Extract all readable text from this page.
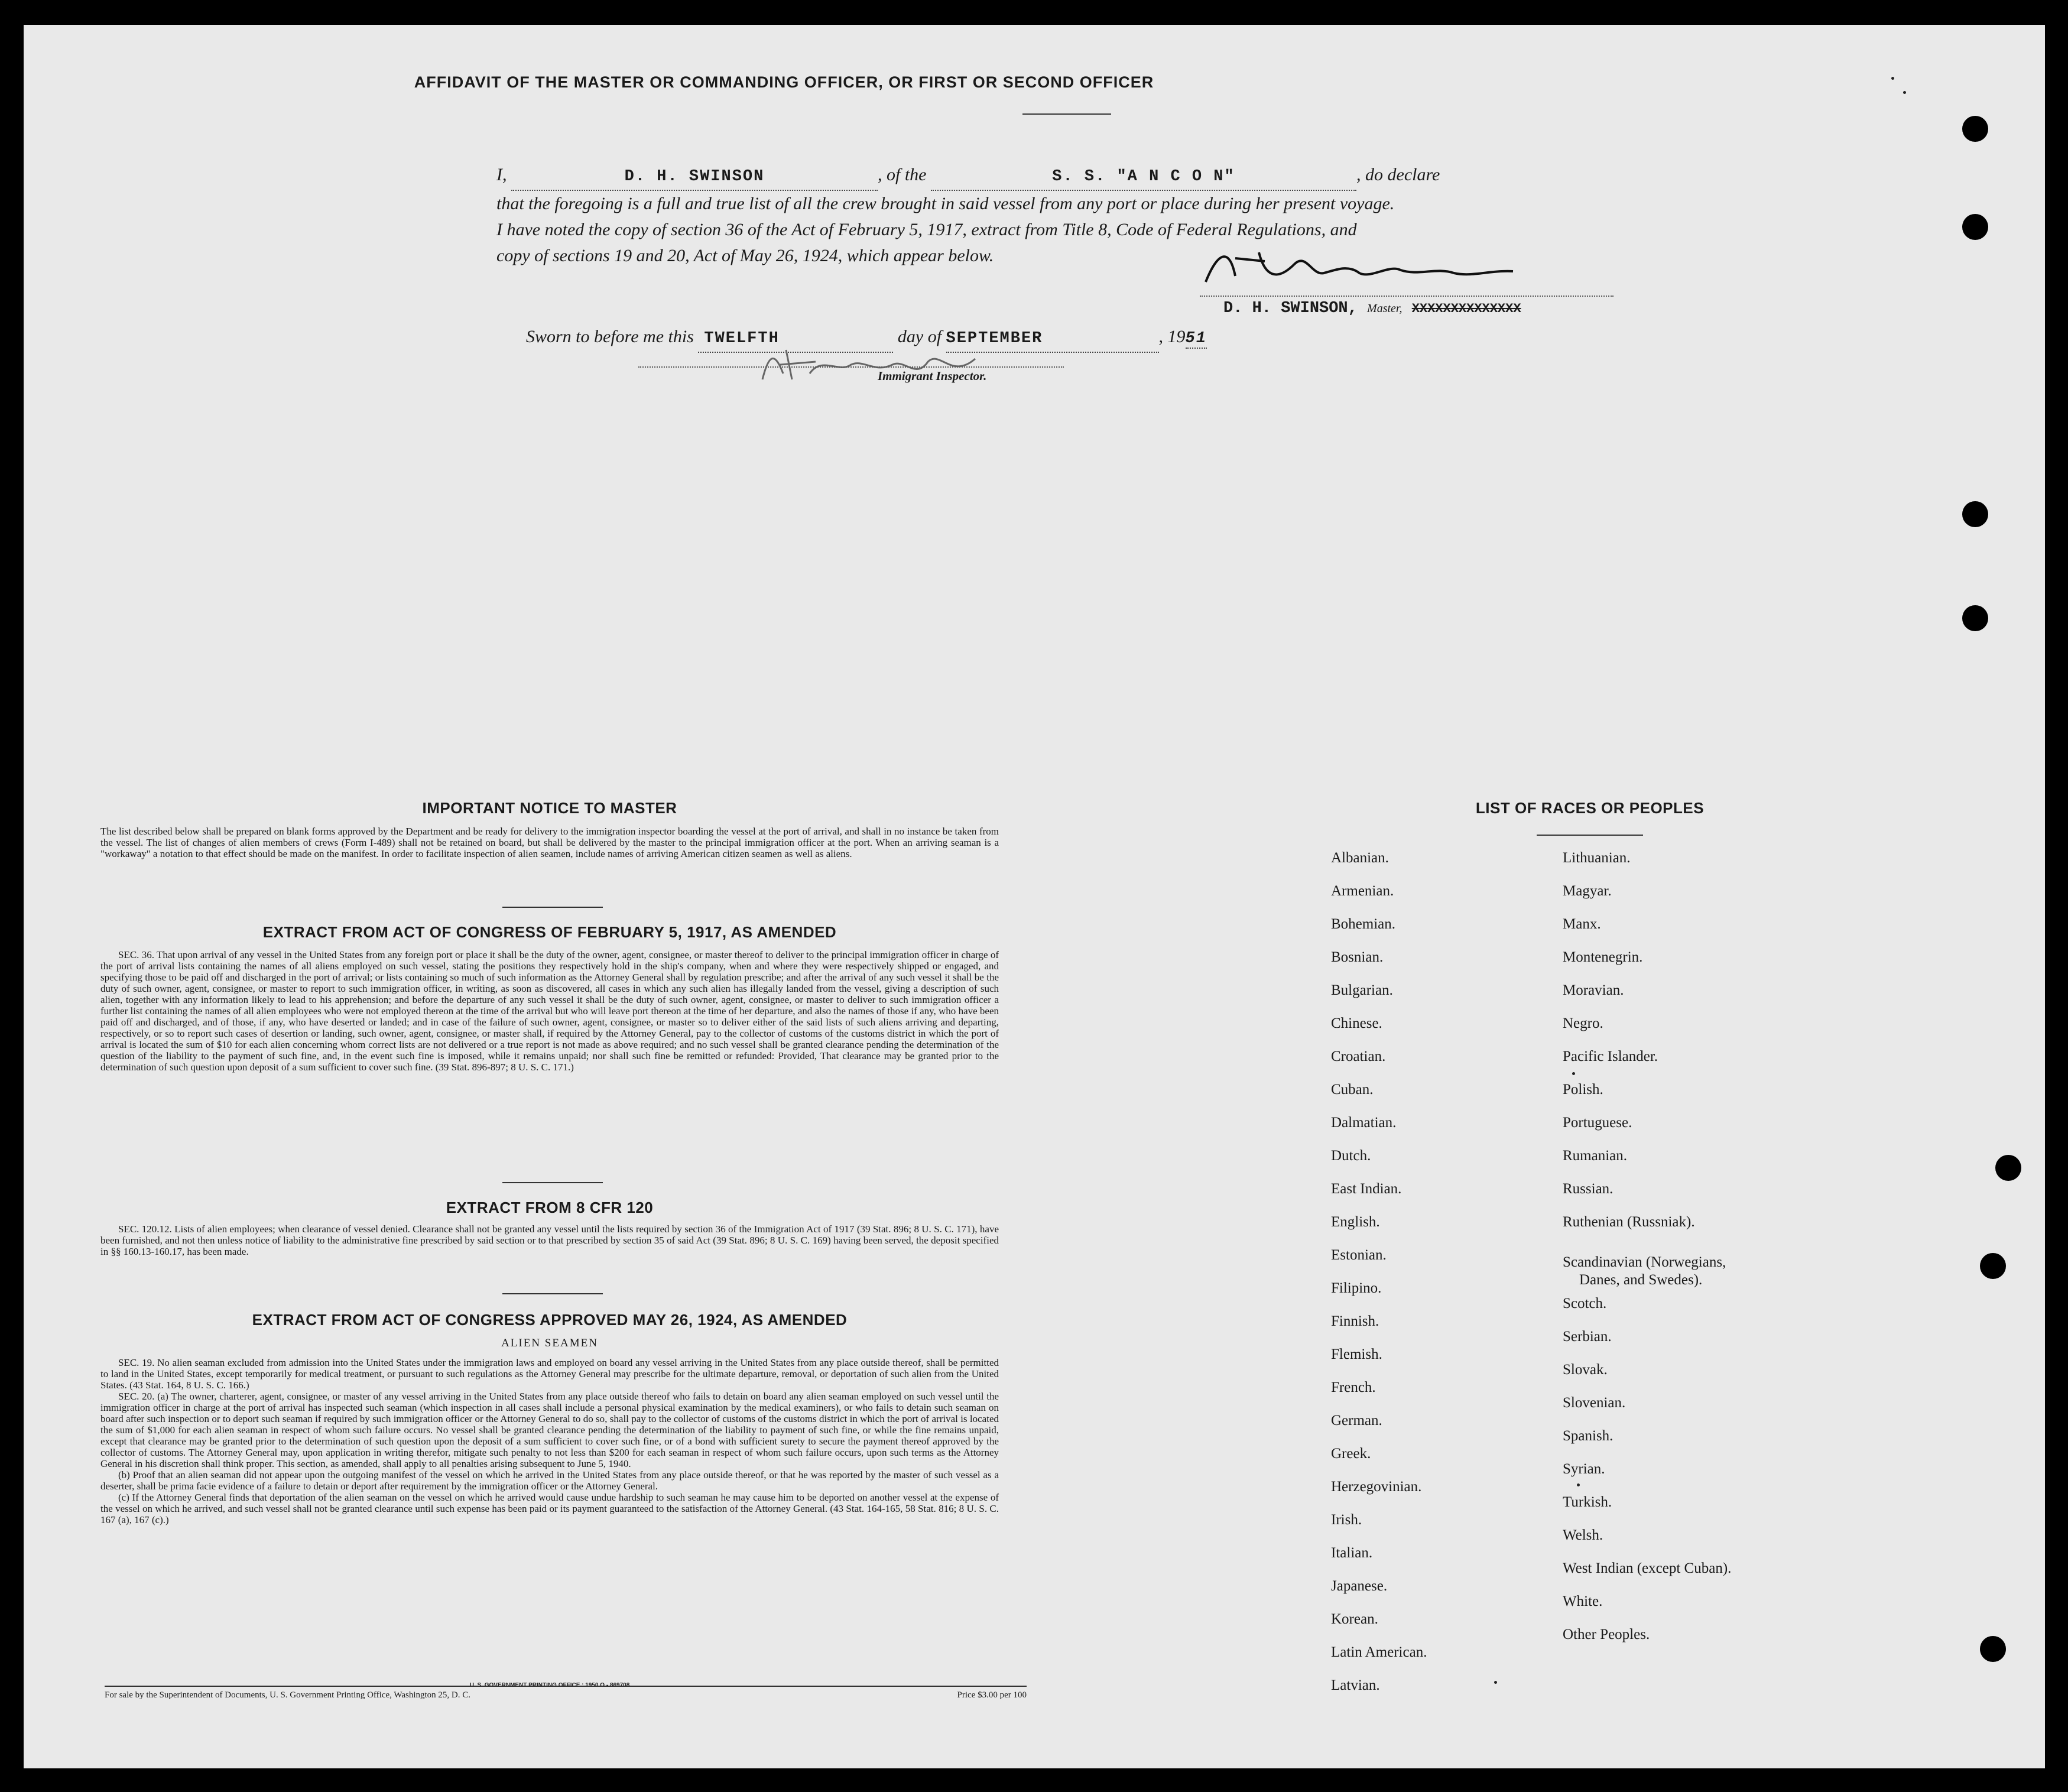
AFFIDAVIT OF THE MASTER OR COMMANDING OFFICER, OR FIRST OR SECOND OFFICER
I,	D. H. SWINSON	, of the	S. S. "A N C O N"	, do declare
that the foregoing is a full and true list of all the crew brought in said vessel from any port or place during her present voyage.
I have noted the copy of section 36 of the Act of February 5, 1917, extract from Title 8, Code of Federal Regulations, and
copy of sections 19 and 20, Act of May 26, 1924, which appear below.
D. H. SWINSON, Master, XXXXXXXXXXXXXX
Sworn to before me this TWELFTH	day of SEPTEMBER	, 1951
Immigrant Inspector.
IMPORTANT NOTICE TO MASTER
The list described below shall be prepared on blank forms approved by the Department and be ready for delivery to the immigration inspector boarding the vessel at the port of arrival, and shall in no instance be taken from the vessel. The list of changes of alien members of crews (Form I-489) shall not be retained on board, but shall be delivered by the master to the principal immigration officer at the port. When an arriving seaman is a "workaway" a notation to that effect should be made on the manifest. In order to facilitate inspection of alien seamen, include names of arriving American citizen seamen as well as aliens.
EXTRACT FROM ACT OF CONGRESS OF FEBRUARY 5, 1917, AS AMENDED
SEC. 36. That upon arrival of any vessel in the United States from any foreign port or place it shall be the duty of the owner, agent, consignee, or master thereof to deliver to the principal immigration officer in charge of the port of arrival lists containing the names of all aliens employed on such vessel, stating the positions they respectively hold in the ship's company, when and where they were respectively shipped or engaged, and specifying those to be paid off and discharged in the port of arrival; or lists containing so much of such information as the Attorney General shall by regulation prescribe; and after the arrival of any such vessel it shall be the duty of such owner, agent, consignee, or master to report to such immigration officer, in writing, as soon as discovered, all cases in which any such alien has illegally landed from the vessel, giving a description of such alien, together with any information likely to lead to his apprehension; and before the departure of any such vessel it shall be the duty of such owner, agent, consignee, or master to deliver to such immigration officer a further list containing the names of all alien employees who were not employed thereon at the time of the arrival but who will leave port thereon at the time of her departure, and also the names of those if any, who have been paid off and discharged, and of those, if any, who have deserted or landed; and in case of the failure of such owner, agent, consignee, or master so to deliver either of the said lists of such aliens arriving and departing, respectively, or so to report such cases of desertion or landing, such owner, agent, consignee, or master shall, if required by the Attorney General, pay to the collector of customs of the customs district in which the port of arrival is located the sum of $10 for each alien concerning whom correct lists are not delivered or a true report is not made as above required; and no such vessel shall be granted clearance pending the determination of the question of the liability to the payment of such fine, and, in the event such fine is imposed, while it remains unpaid; nor shall such fine be remitted or refunded: Provided, That clearance may be granted prior to the determination of such question upon deposit of a sum sufficient to cover such fine. (39 Stat. 896-897; 8 U. S. C. 171.)
EXTRACT FROM 8 CFR 120
SEC. 120.12. Lists of alien employees; when clearance of vessel denied. Clearance shall not be granted any vessel until the lists required by section 36 of the Immigration Act of 1917 (39 Stat. 896; 8 U. S. C. 171), have been furnished, and not then unless notice of liability to the administrative fine prescribed by said section or to that prescribed by section 35 of said Act (39 Stat. 896; 8 U. S. C. 169) having been served, the deposit specified in §§ 160.13-160.17, has been made.
EXTRACT FROM ACT OF CONGRESS APPROVED MAY 26, 1924, AS AMENDED
ALIEN SEAMEN
SEC. 19. No alien seaman excluded from admission into the United States under the immigration laws and employed on board any vessel arriving in the United States from any place outside thereof, shall be permitted to land in the United States, except temporarily for medical treatment, or pursuant to such regulations as the Attorney General may prescribe for the ultimate departure, removal, or deportation of such alien from the United States. (43 Stat. 164, 8 U. S. C. 166.)
SEC. 20. (a) The owner, charterer, agent, consignee, or master of any vessel arriving in the United States from any place outside thereof who fails to detain on board any alien seaman employed on such vessel until the immigration officer in charge at the port of arrival has inspected such seaman (which inspection in all cases shall include a personal physical examination by the medical examiners), or who fails to detain such seaman on board after such inspection or to deport such seaman if required by such immigration officer or the Attorney General to do so, shall pay to the collector of customs of the customs district in which the port of arrival is located the sum of $1,000 for each alien seaman in respect of whom such failure occurs. No vessel shall be granted clearance pending the determination of the liability to payment of such fine, or while the fine remains unpaid, except that clearance may be granted prior to the determination of such question upon the deposit of a sum sufficient to cover such fine, or of a bond with sufficient surety to secure the payment thereof approved by the collector of customs. The Attorney General may, upon application in writing therefor, mitigate such penalty to not less than $200 for each seaman in respect of whom such failure occurs, upon such terms as the Attorney General in his discretion shall think proper. This section, as amended, shall apply to all penalties arising subsequent to June 5, 1940.
(b) Proof that an alien seaman did not appear upon the outgoing manifest of the vessel on which he arrived in the United States from any place outside thereof, or that he was reported by the master of such vessel as a deserter, shall be prima facie evidence of a failure to detain or deport after requirement by the immigration officer or the Attorney General.
(c) If the Attorney General finds that deportation of the alien seaman on the vessel on which he arrived would cause undue hardship to such seaman he may cause him to be deported on another vessel at the expense of the vessel on which he arrived, and such vessel shall not be granted clearance until such expense has been paid or its payment guaranteed to the satisfaction of the Attorney General. (43 Stat. 164-165, 58 Stat. 816; 8 U. S. C. 167 (a), 167 (c).)
U. S. GOVERNMENT PRINTING OFFICE : 1950 O - 869708
For sale by the Superintendent of Documents, U. S. Government Printing Office, Washington 25, D. C.	Price $3.00 per 100
LIST OF RACES OR PEOPLES
Albanian.
Armenian.
Bohemian.
Bosnian.
Bulgarian.
Chinese.
Croatian.
Cuban.
Dalmatian.
Dutch.
East Indian.
English.
Estonian.
Filipino.
Finnish.
Flemish.
French.
German.
Greek.
Herzegovinian.
Irish.
Italian.
Japanese.
Korean.
Latin American.
Latvian.
Lithuanian.
Magyar.
Manx.
Montenegrin.
Moravian.
Negro.
Pacific Islander.
Polish.
Portuguese.
Rumanian.
Russian.
Ruthenian (Russniak).
Scandinavian (Norwegians,
Danes, and Swedes).
Scotch.
Serbian.
Slovak.
Slovenian.
Spanish.
Syrian.
Turkish.
Welsh.
West Indian (except Cuban).
White.
Other Peoples.
